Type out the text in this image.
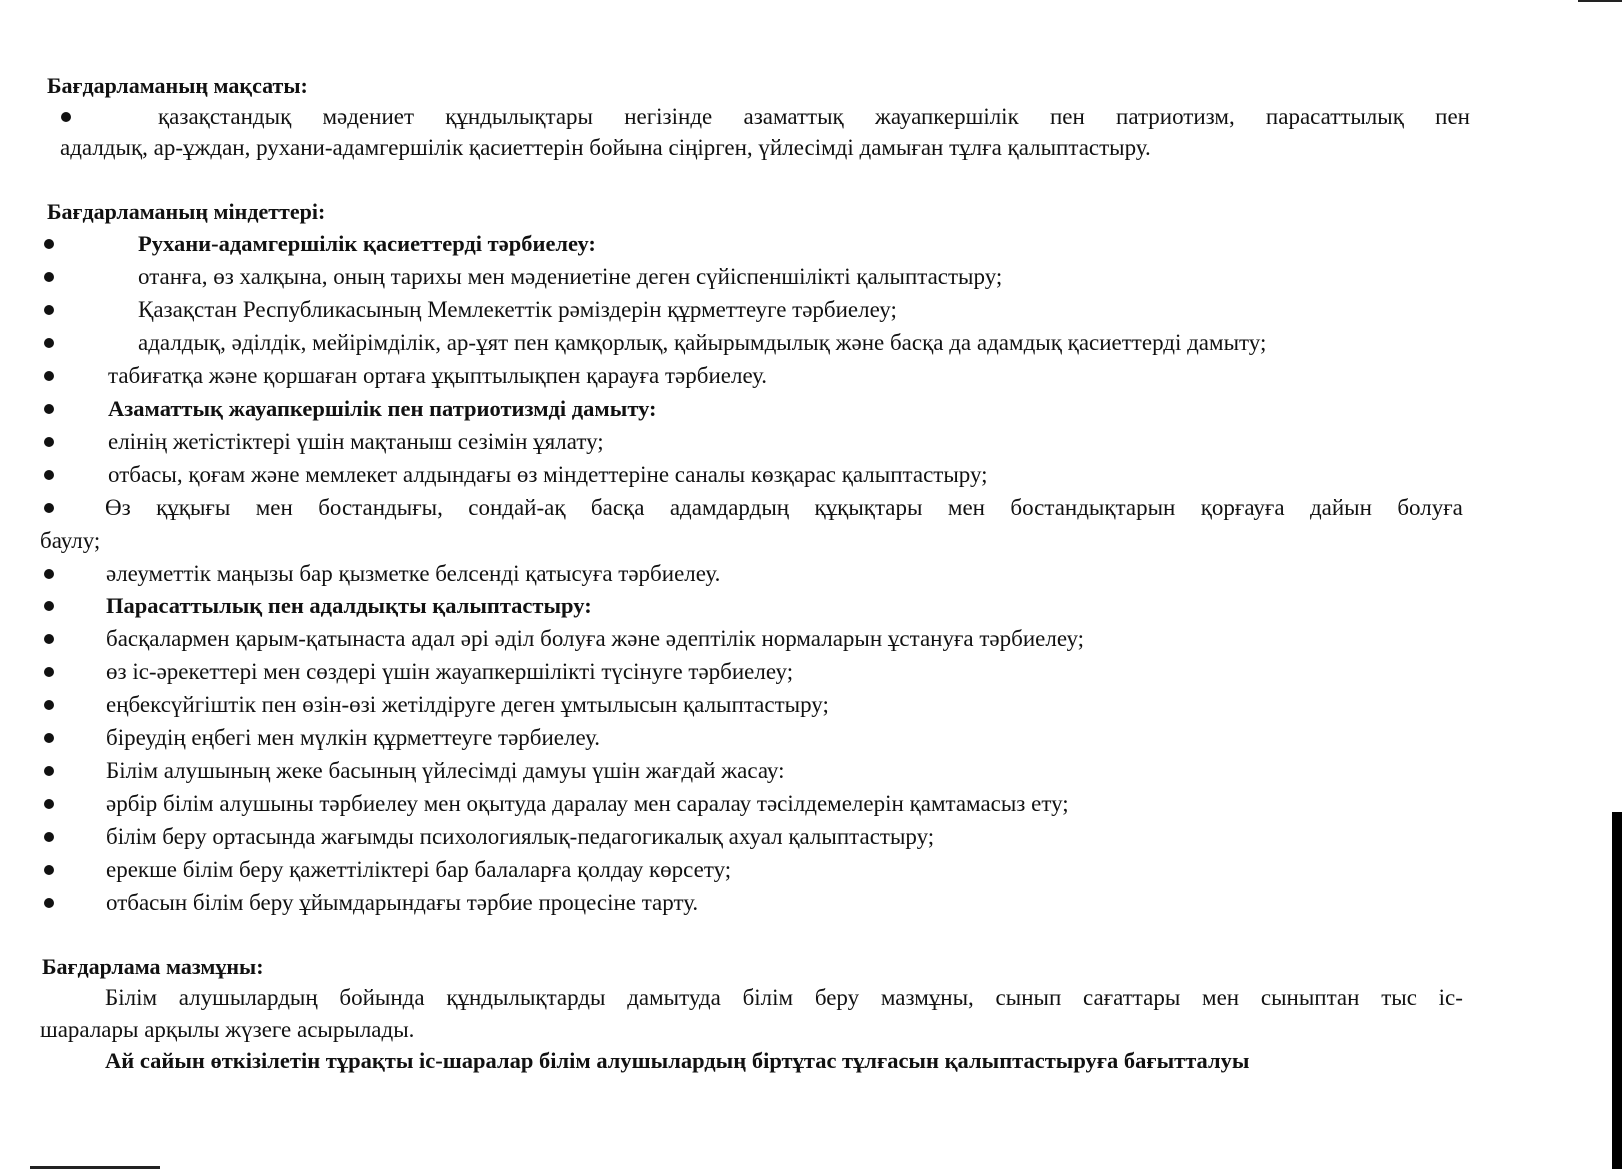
Бағдарламаның мақсаты:
қазақстандық мәдениет құндылықтары негізінде азаматтық жауапкершілік пен патриотизм, парасаттылық пен
адалдық, ар-ұждан, рухани-адамгершілік қасиеттерін бойына сіңірген, үйлесімді дамыған тұлға қалыптастыру.
Бағдарламаның міндеттері:
Рухани-адамгершілік қасиеттерді тәрбиелеу:
отанға, өз халқына, оның тарихы мен мәдениетіне деген сүйіспеншілікті қалыптастыру;
Қазақстан Республикасының Мемлекеттік рәміздерін құрметтеуге тәрбиелеу;
адалдық, әділдік, мейірімділік, ар-ұят пен қамқорлық, қайырымдылық және басқа да адамдық қасиеттерді дамыту;
табиғатқа және қоршаған ортаға ұқыптылықпен қарауға тәрбиелеу.
Азаматтық жауапкершілік пен патриотизмді дамыту:
елінің жетістіктері үшін мақтаныш сезімін ұялату;
отбасы, қоғам және мемлекет алдындағы өз міндеттеріне саналы көзқарас қалыптастыру;
Өз құқығы мен бостандығы, сондай-ақ басқа адамдардың құқықтары мен бостандықтарын қорғауға дайын болуға
баулу;
әлеуметтік маңызы бар қызметке белсенді қатысуға тәрбиелеу.
Парасаттылық пен адалдықты қалыптастыру:
басқалармен қарым-қатынаста адал әрі әділ болуға және әдептілік нормаларын ұстануға тәрбиелеу;
өз іс-әрекеттері мен сөздері үшін жауапкершілікті түсінуге тәрбиелеу;
еңбексүйгіштік пен өзін-өзі жетілдіруге деген ұмтылысын қалыптастыру;
біреудің еңбегі мен мүлкін құрметтеуге тәрбиелеу.
Білім алушының жеке басының үйлесімді дамуы үшін жағдай жасау:
әрбір білім алушыны тәрбиелеу мен оқытуда даралау мен саралау тәсілдемелерін қамтамасыз ету;
білім беру ортасында жағымды психологиялық-педагогикалық ахуал қалыптастыру;
ерекше білім беру қажеттіліктері бар балаларға қолдау көрсету;
отбасын білім беру ұйымдарындағы тәрбие процесіне тарту.
Бағдарлама мазмұны:
Білім алушылардың бойында құндылықтарды дамытуда білім беру мазмұны, сынып сағаттары мен сыныптан тыс іс-
шаралары арқылы жүзеге асырылады.
Ай сайын өткізілетін тұрақты іс-шаралар білім алушылардың біртұтас тұлғасын қалыптастыруға бағытталуы
